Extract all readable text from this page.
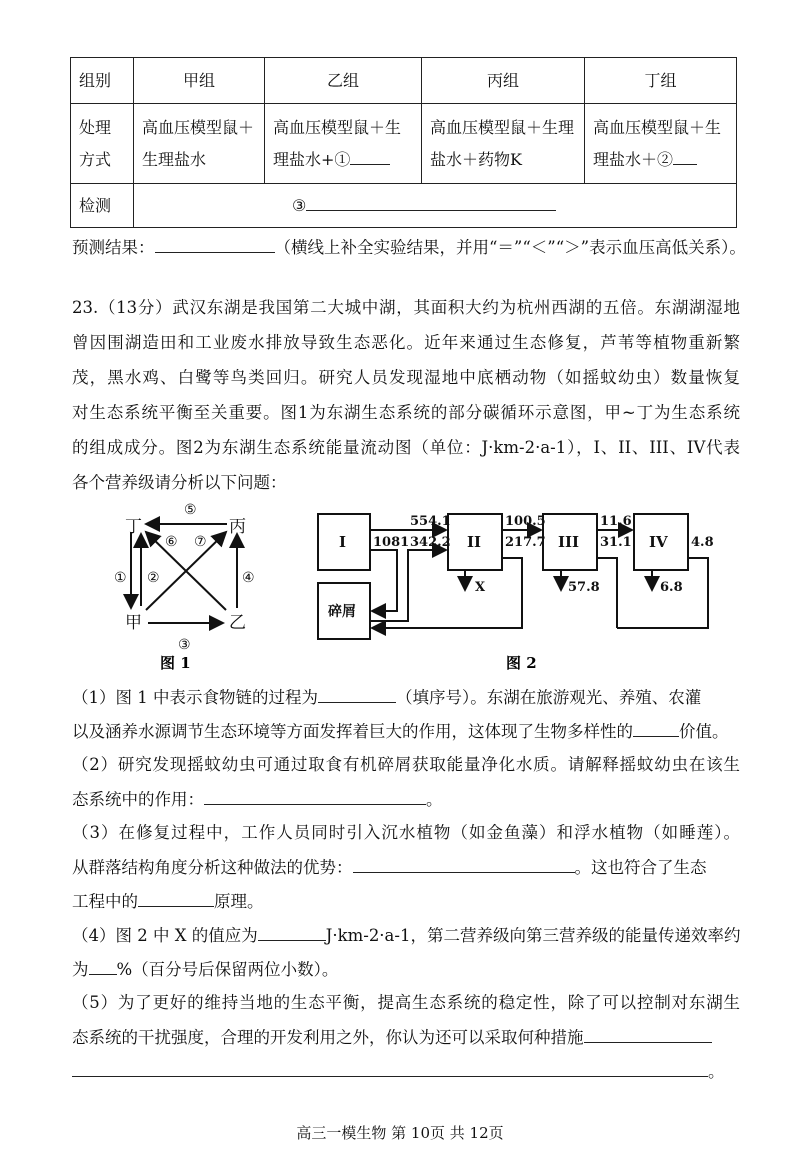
组别	甲组	乙组	丙组	丁组
处理方式	高血压模型鼠＋生理盐水	高血压模型鼠＋生理盐水+①	高血压模型鼠＋生理盐水＋药物K	高血压模型鼠＋生理盐水＋②
检测	③			
预测结果：	（横线上补全实验结果，并用“＝”“＜”“＞”表示血压高低关系）。
23.（13分）武汉东湖是我国第二大城中湖，其面积大约为杭州西湖的五倍。东湖湖湿地
曾因围湖造田和工业废水排放导致生态恶化。近年来通过生态修复，芦苇等植物重新繁
茂，黑水鸡、白鹭等鸟类回归。研究人员发现湿地中底栖动物（如摇蚊幼虫）数量恢复
对生态系统平衡至关重要。图1为东湖生态系统的部分碳循环示意图，甲~丁为生态系统
的组成成分。图2为东湖生态系统能量流动图（单位：J·km-2·a-1），I、II、III、IV代表
各个营养级请分析以下问题：
丁	丙
甲	乙
① ②
③
④
⑤
⑥ ⑦
图 1
I	II	III	IV
碎屑
554.1
1081 342.2
100.5
217.7
X
11.6
31.1
57.8
4.8
6.8
图 2
（1）图 1 中表示食物链的过程为	（填序号）。东湖在旅游观光、养殖、农灌
以及涵养水源调节生态环境等方面发挥着巨大的作用，这体现了生物多样性的	价值。
（2）研究发现摇蚊幼虫可通过取食有机碎屑获取能量净化水质。请解释摇蚊幼虫在该生
态系统中的作用：	。
（3）在修复过程中，工作人员同时引入沉水植物（如金鱼藻）和浮水植物（如睡莲）。
从群落结构角度分析这种做法的优势：	。这也符合了生态
工程中的	原理。
（4）图 2 中 X 的值应为	J·km-2·a-1，第二营养级向第三营养级的能量传递效率约
为 %（百分号后保留两位小数）。
（5）为了更好的维持当地的生态平衡，提高生态系统的稳定性，除了可以控制对东湖生
态系统的干扰强度，合理的开发利用之外，你认为还可以采取何种措施
。
高三一模生物 第 10页 共 12页
